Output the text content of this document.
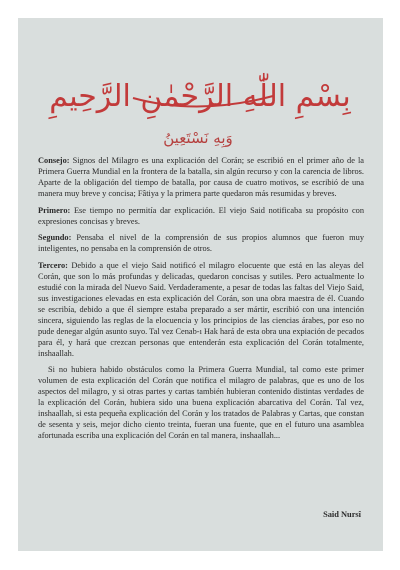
بِسْمِ اللّٰهِ الرَّحْمٰنِ الرَّحِيمِ
وَبِهِ نَسْتَعِينُ

Consejo: Signos del Milagro es una explicación del Corán; se escribió en el primer año de la Primera Guerra Mundial en la frontera de la batalla, sin algún recurso y con la carencia de libros. Aparte de la obligación del tiempo de batalla, por causa de cuatro motivos, se escribió de una manera muy breve y concisa; Fâtiya y la primera parte quedaron más resumidas y breves.

Primero: Ese tiempo no permitía dar explicación. El viejo Said notificaba su propósito con expresiones concisas y breves.

Segundo: Pensaba el nivel de la comprensión de sus propios alumnos que fueron muy inteligentes, no pensaba en la comprensión de otros.

Tercero: Debido a que el viejo Said notificó el milagro elocuente que está en las aleyas del Corán, que son lo más profundas y delicadas, quedaron concisas y sutiles. Pero actualmente lo estudié con la mirada del Nuevo Said. Verdaderamente, a pesar de todas las faltas del Viejo Said, sus investigaciones elevadas en esta explicación del Corán, son una obra maestra de él. Cuando se escribía, debido a que él siempre estaba preparado a ser mártir, escribió con una intención sincera, siguiendo las reglas de la elocuencia y los principios de las ciencias árabes, por eso no pude denegar algún asunto suyo. Tal vez Cenab-ı Hak hará de esta obra una expiación de pecados para él, y hará que crezcan personas que entenderán esta explicación del Corán totalmente, inshaallah.

Si no hubiera habido obstáculos como la Primera Guerra Mundial, tal como este primer volumen de esta explicación del Corán que notifica el milagro de palabras, que es uno de los aspectos del milagro, y si otras partes y cartas también hubieran contenido distintas verdades de la explicación del Corán, hubiera sido una buena explicación abarcativa del Corán. Tal vez, inshaallah, si esta pequeña explicación del Corán y los tratados de Palabras y Cartas, que constan de sesenta y seis, mejor dicho ciento treinta, fueran una fuente, que en el futuro una asamblea afortunada escriba una explicación del Corán en tal manera, inshaallah...

Said Nursî
